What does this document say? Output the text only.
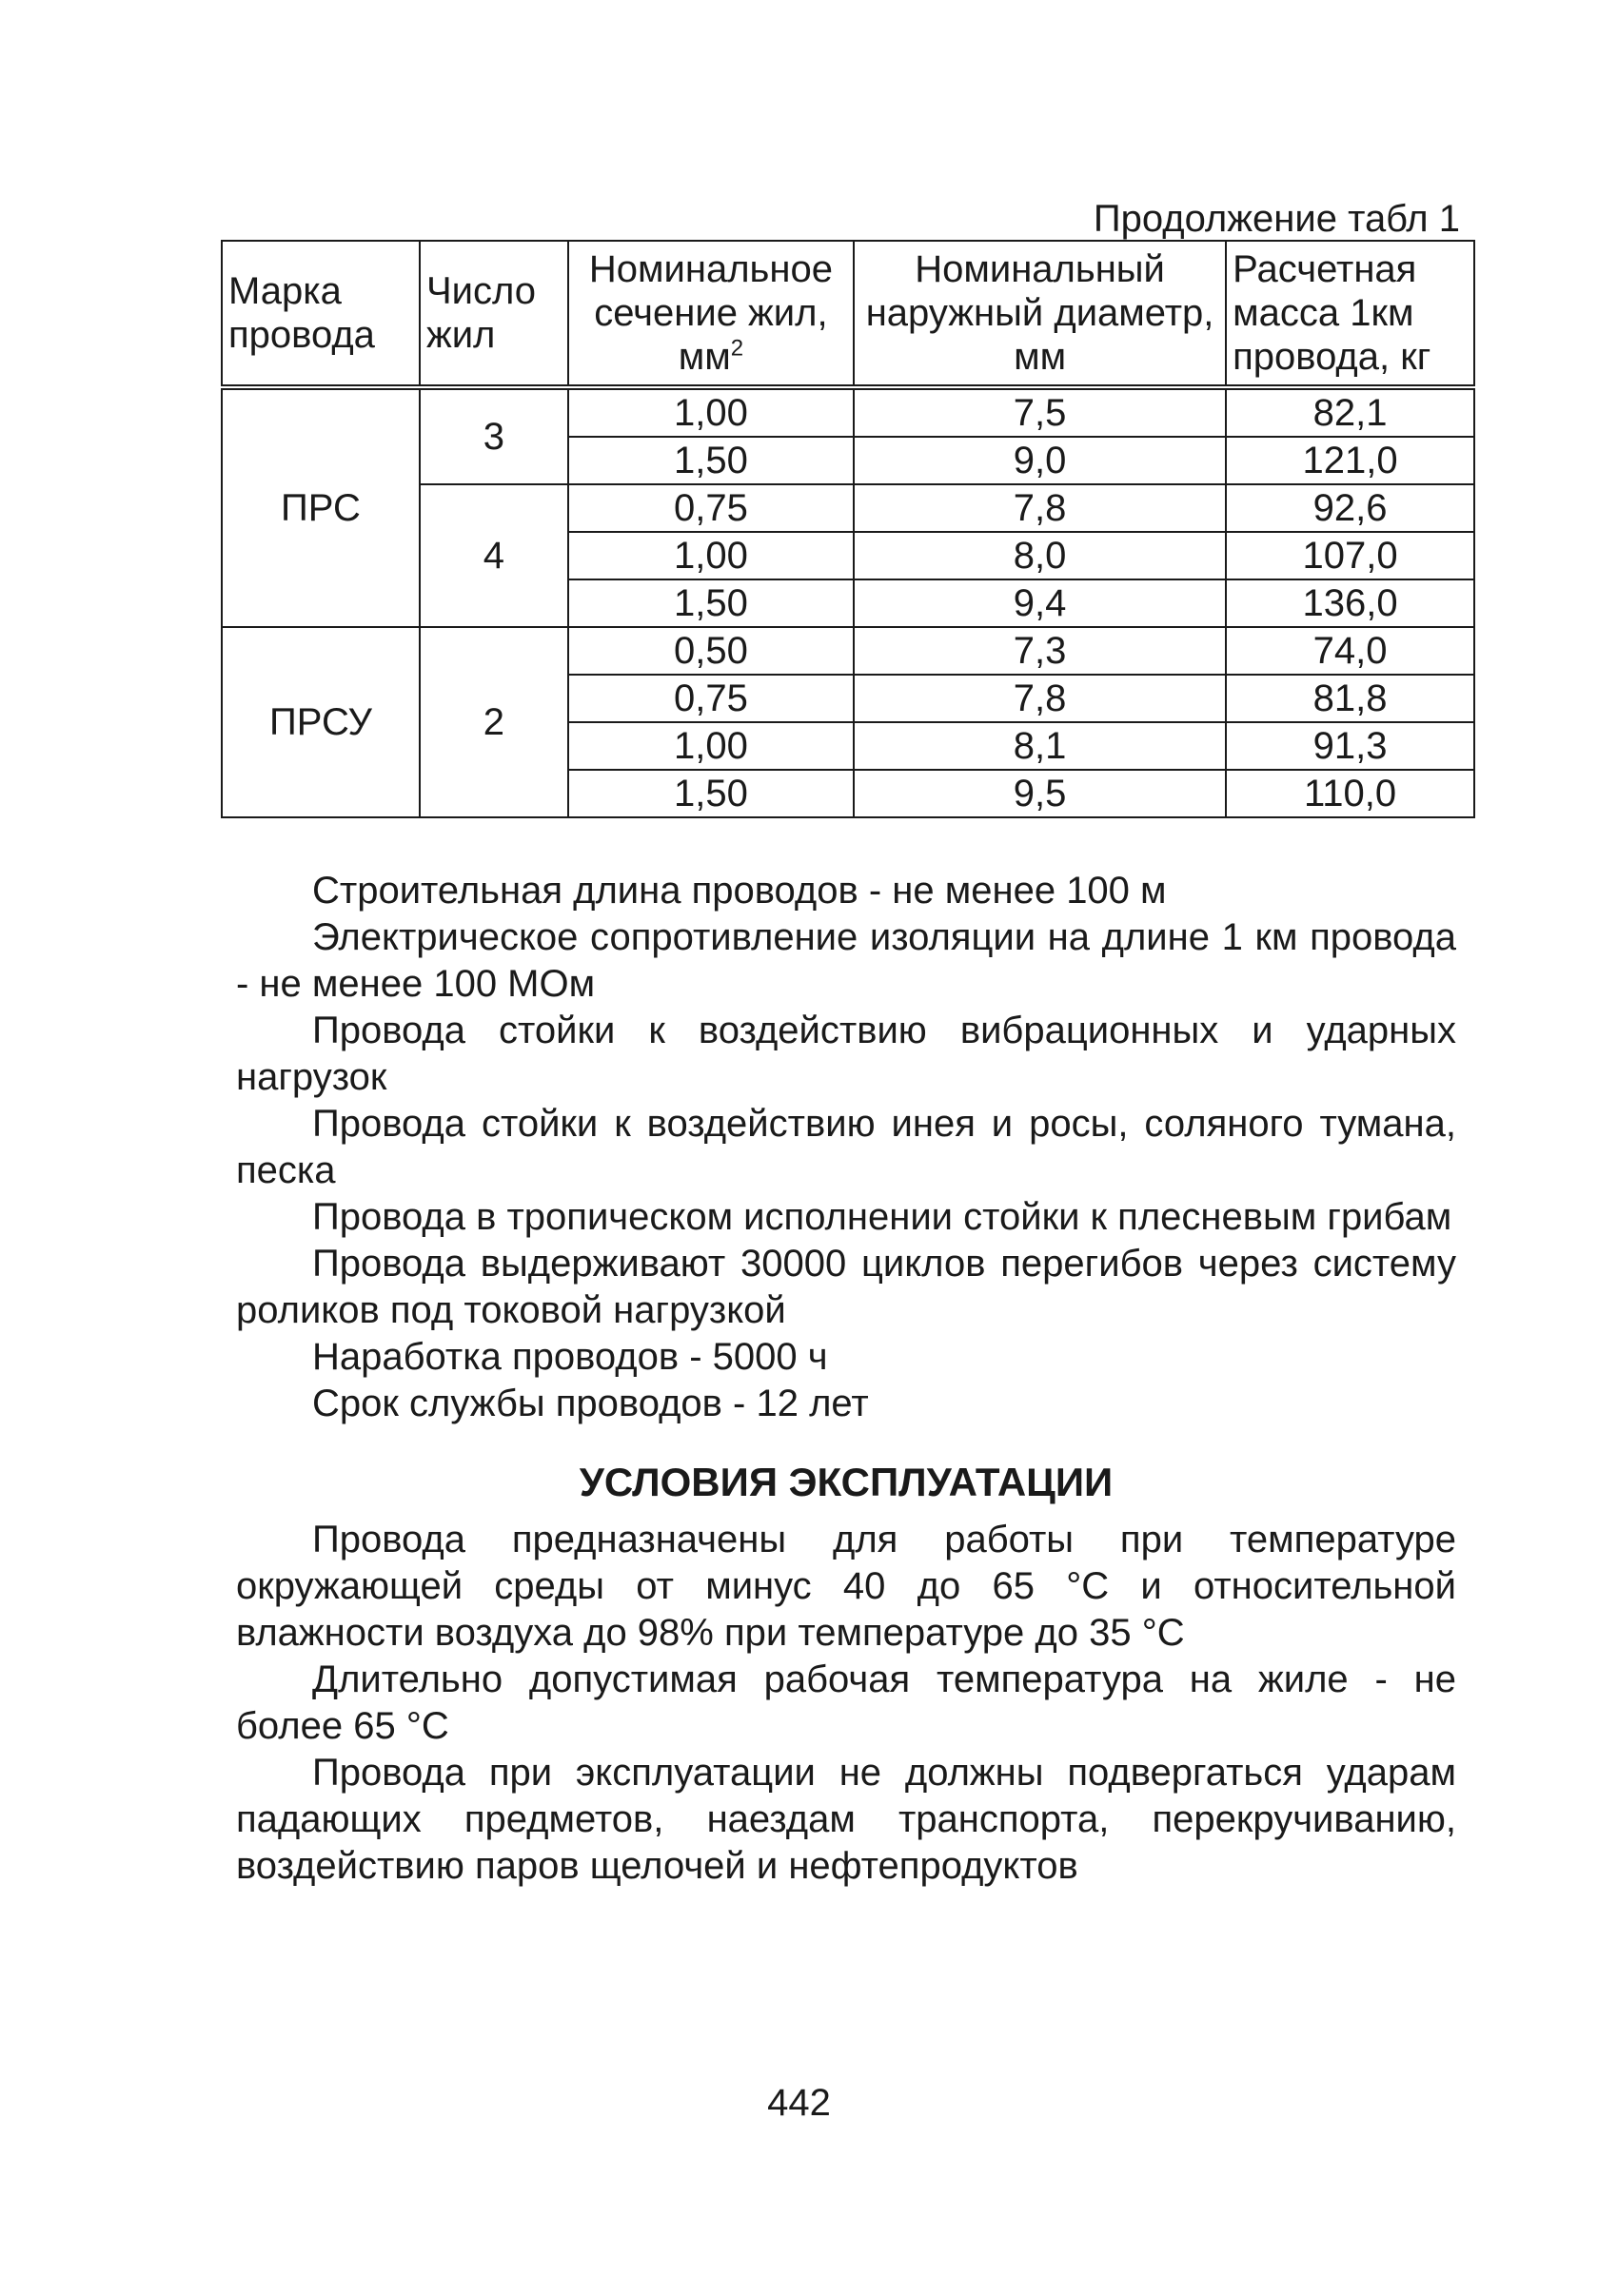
Продолжение табл 1
Марка провода	Число жил	Номинальное сечение жил, $мм^2$	Номинальный наружный диаметр, мм	Расчетная масса 1км провода, кг
ПРС	3	1,00	7,5	82,1
		1,50	9,0	121,0
	4	0,75	7,8	92,6
		1,00	8,0	107,0
		1,50	9,4	136,0
ПРСУ	2	0,50	7,3	74,0
		0,75	7,8	81,8
		1,00	8,1	91,3
		1,50	9,5	110,0

Строительная длина проводов - не менее 100 м

Электрическое сопротивление изоляции на длине 1 км провода - не менее 100 МОм

Провода стойки к воздействию вибрационных и ударных нагрузок

Провода стойки к воздействию инея и росы, соляного тумана, песка

Провода в тропическом исполнении стойки к плесневым грибам

Провода выдерживают 30000 циклов перегибов через систему роликов под токовой нагрузкой

Наработка проводов - 5000 ч

Срок службы проводов - 12 лет

УСЛОВИЯ ЭКСПЛУАТАЦИИ

Провода предназначены для работы при температуре окружающей среды от минус 40 до 65 °С и относительной влажности воздуха до 98% при температуре до 35 °С

Длительно допустимая рабочая температура на жиле - не более 65 °С

Провода при эксплуатации не должны подвергаться ударам падающих предметов, наездам транспорта, перекручиванию, воздействию паров щелочей и нефтепродуктов

442
